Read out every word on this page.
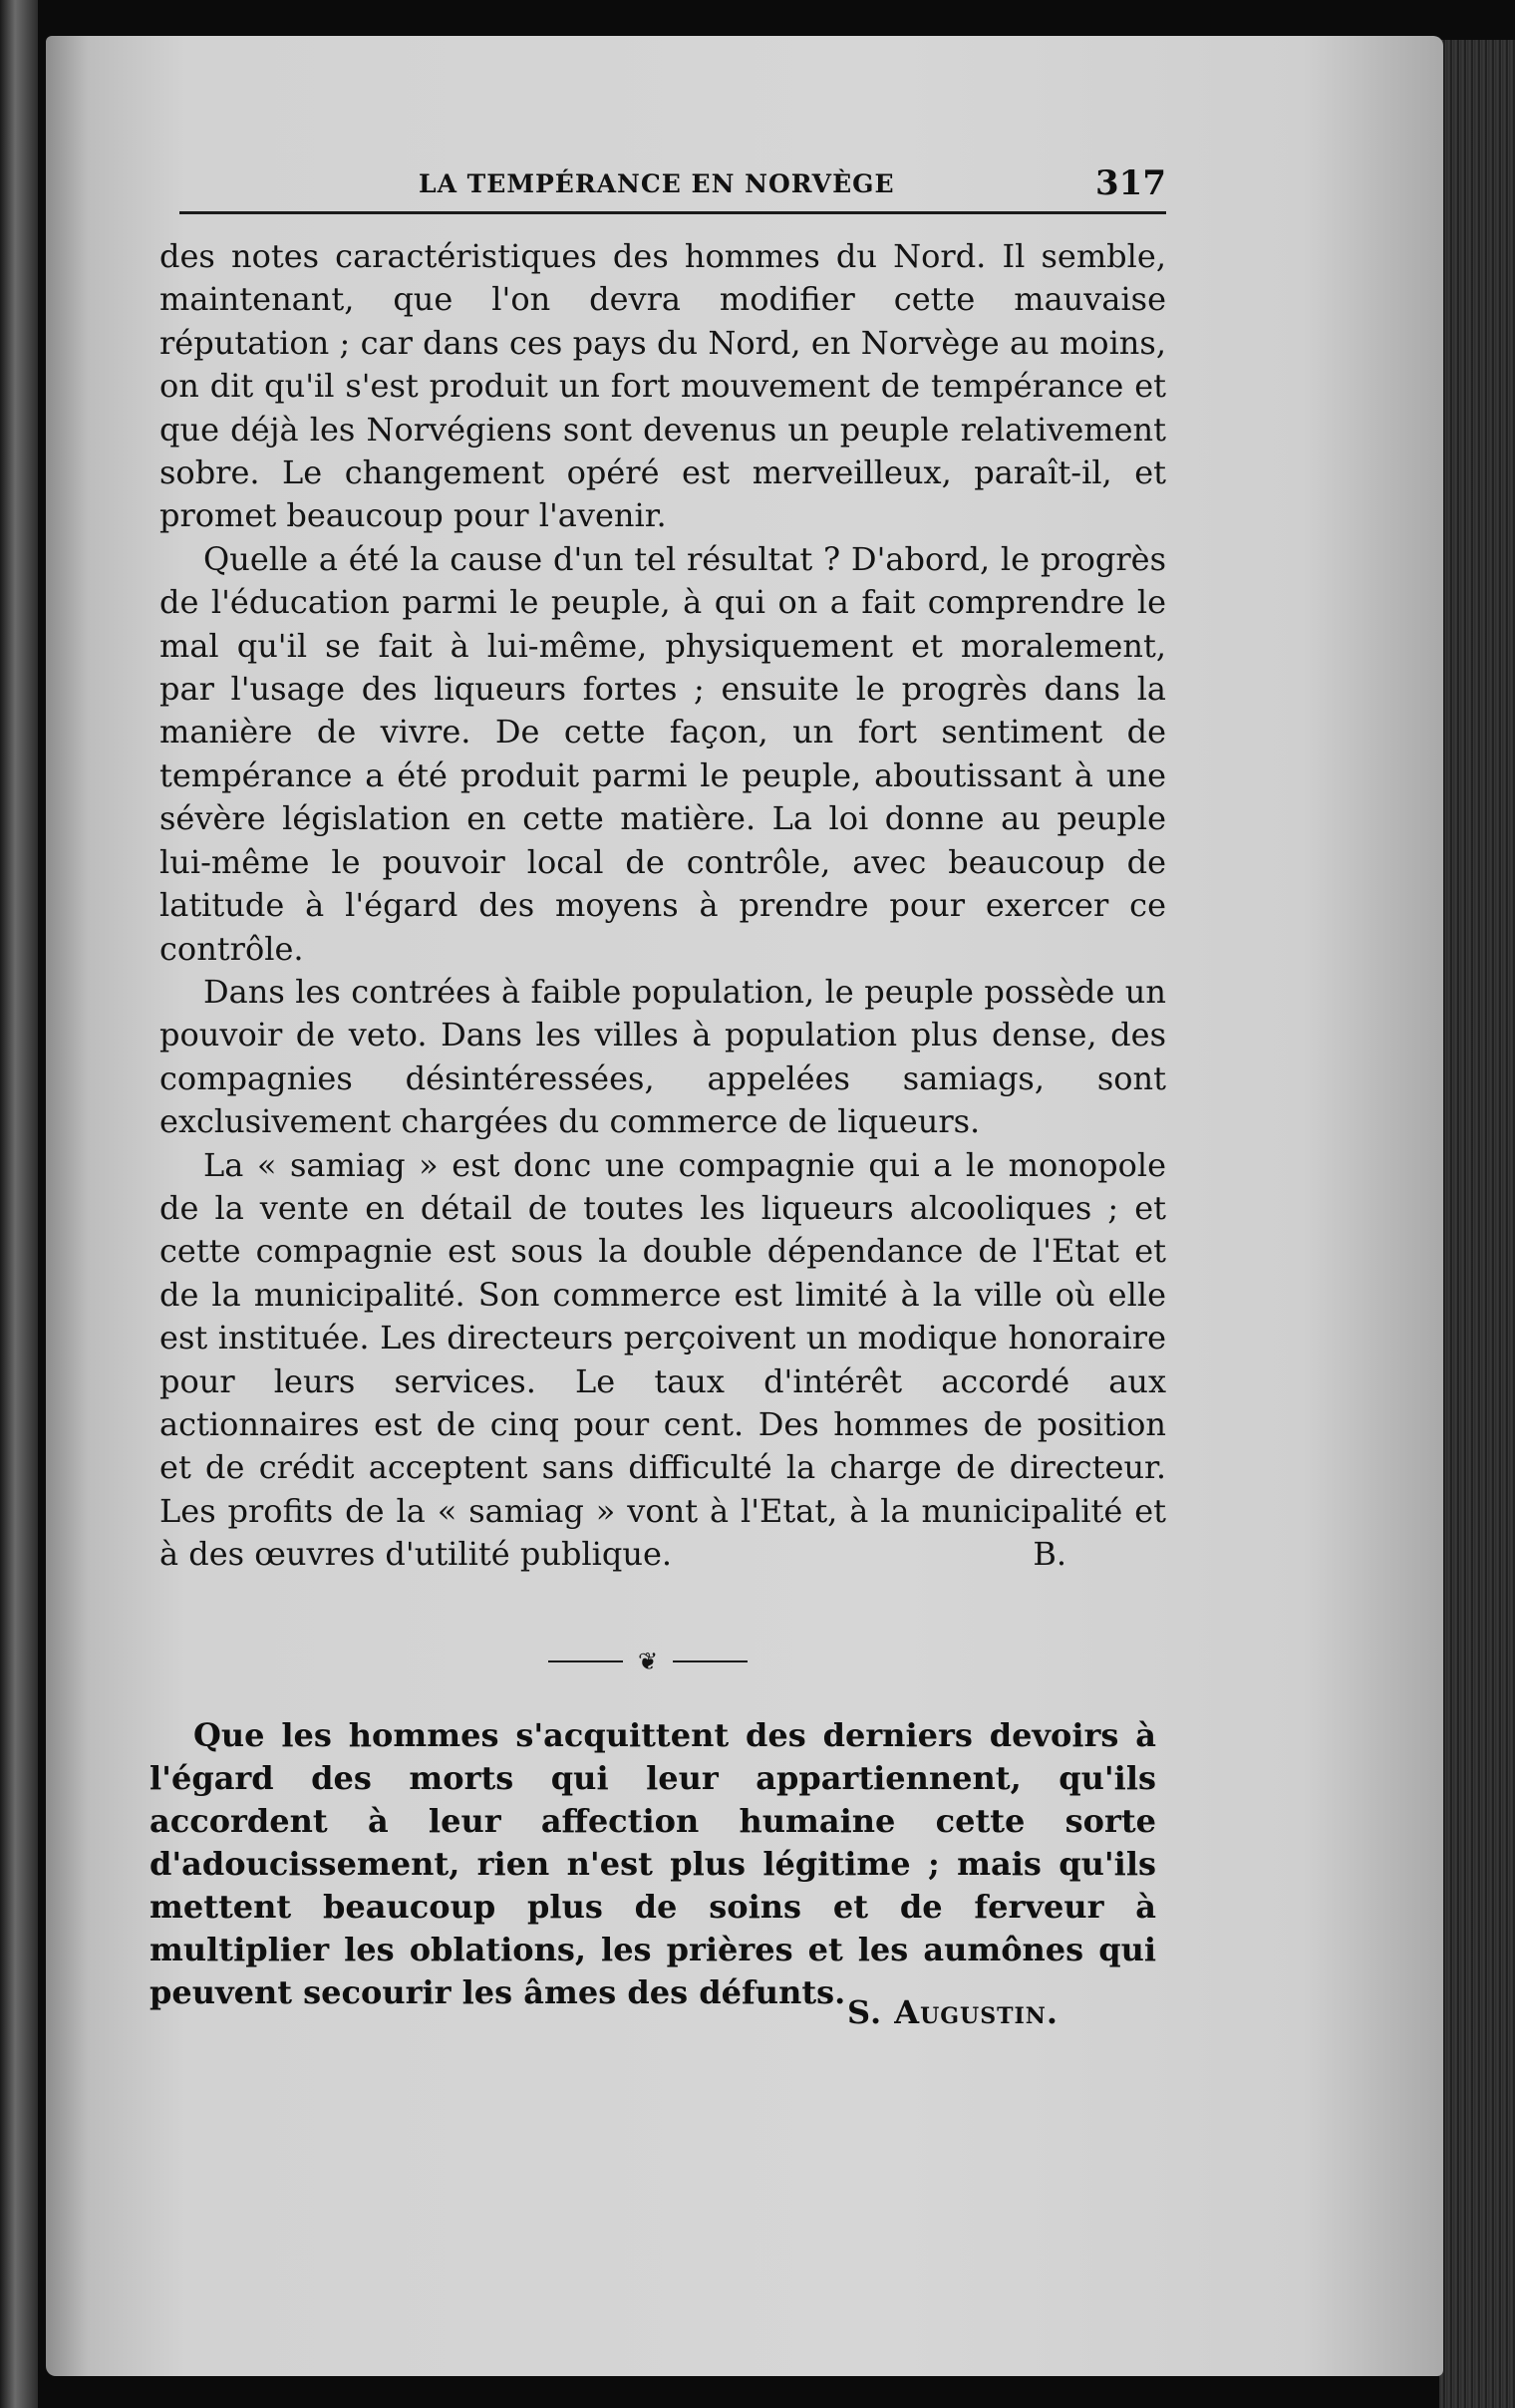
LA TEMPÉRANCE EN NORVÈGE	317

des notes caractéristiques des hommes du Nord. Il semble, maintenant, que l'on devra modifier cette mauvaise réputation ; car dans ces pays du Nord, en Norvège au moins, on dit qu'il s'est produit un fort mouvement de tempérance et que déjà les Norvégiens sont devenus un peuple relativement sobre. Le changement opéré est merveilleux, paraît-il, et promet beaucoup pour l'avenir.

Quelle a été la cause d'un tel résultat ? D'abord, le progrès de l'éducation parmi le peuple, à qui on a fait comprendre le mal qu'il se fait à lui-même, physiquement et moralement, par l'usage des liqueurs fortes ; ensuite le progrès dans la manière de vivre. De cette façon, un fort sentiment de tempérance a été produit parmi le peuple, aboutissant à une sévère législation en cette matière. La loi donne au peuple lui-même le pouvoir local de contrôle, avec beaucoup de latitude à l'égard des moyens à prendre pour exercer ce contrôle.

Dans les contrées à faible population, le peuple possède un pouvoir de veto. Dans les villes à population plus dense, des compagnies désintéressées, appelées samiags, sont exclusivement chargées du commerce de liqueurs.

La « samiag » est donc une compagnie qui a le monopole de la vente en détail de toutes les liqueurs alcooliques ; et cette compagnie est sous la double dépendance de l'Etat et de la municipalité. Son commerce est limité à la ville où elle est instituée. Les directeurs perçoivent un modique honoraire pour leurs services. Le taux d'intérêt accordé aux actionnaires est de cinq pour cent. Des hommes de position et de crédit acceptent sans difficulté la charge de directeur. Les profits de la « samiag » vont à l'Etat, à la municipalité et à des œuvres d'utilité publique.	B.

❦

Que les hommes s'acquittent des derniers devoirs à l'égard des morts qui leur appartiennent, qu'ils accordent à leur affection humaine cette sorte d'adoucissement, rien n'est plus légitime ; mais qu'ils mettent beaucoup plus de soins et de ferveur à multiplier les oblations, les prières et les aumônes qui peuvent secourir les âmes des défunts.

S. Augustin.
